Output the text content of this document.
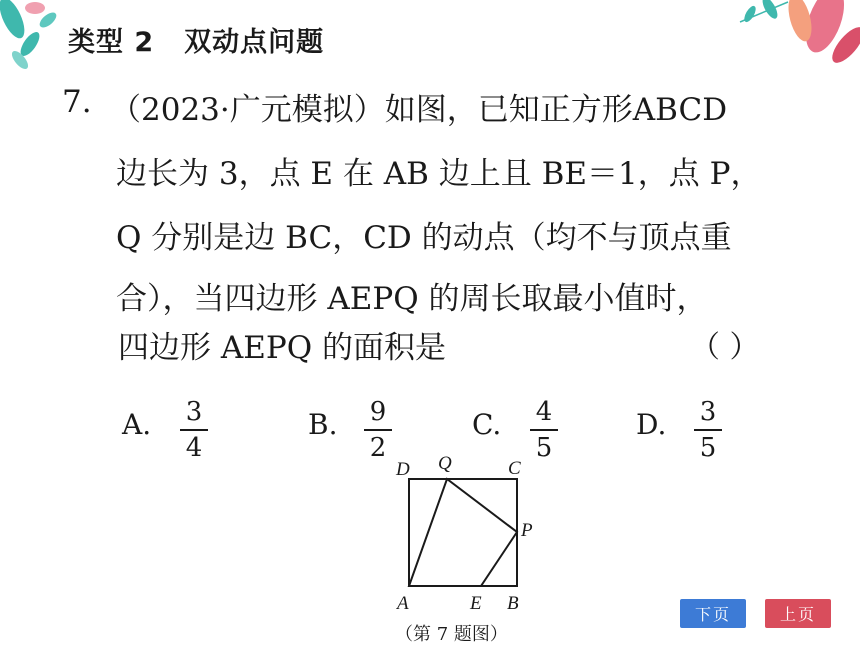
类型 2 双动点问题
7. （2023·广元模拟）如图，已知正方形ABCD
边长为 3，点 E 在 AB 边上且 BE＝1，点 P，
Q 分别是边 BC，CD 的动点（均不与顶点重
合），当四边形 AEPQ 的周长取最小值时，
四边形 AEPQ 的面积是	（ ）
A. 3
4
B. 9
2
C. 4
5
D. 3
5
D Q	C
P
A	E B
（第 7 题图）
下页	上页
